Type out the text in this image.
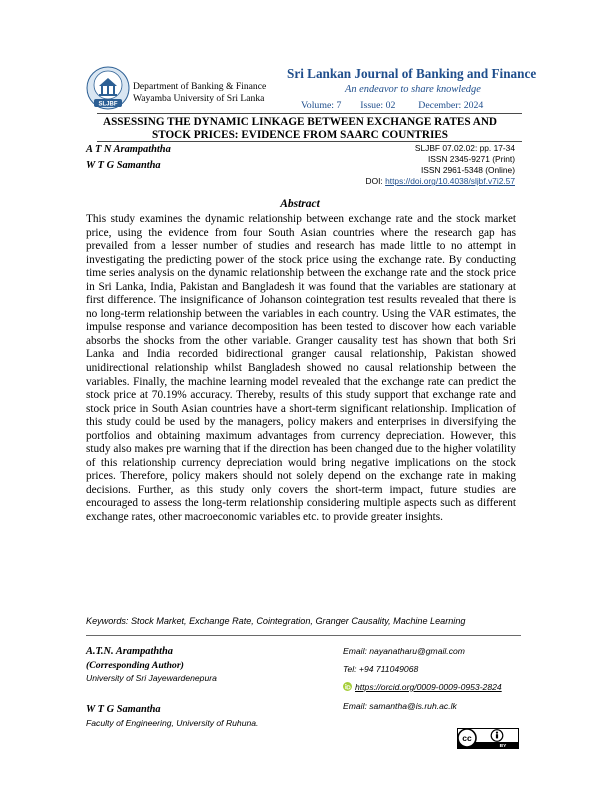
SLJBF
Department of Banking & Finance
Wayamba University of Sri Lanka
Sri Lankan Journal of Banking and Finance
An endeavor to share knowledge
Volume: 7 Issue: 02 December: 2024
ASSESSING THE DYNAMIC LINKAGE BETWEEN EXCHANGE RATES AND
STOCK PRICES: EVIDENCE FROM SAARC COUNTRIES
A T N Arampaththa
W T G Samantha
SLJBF 07.02.02: pp. 17-34
ISSN 2345-9271 (Print)
ISSN 2961-5348 (Online)
DOI: https://doi.org/10.4038/sljbf.v7i2.57
Abstract

This study examines the dynamic relationship between exchange rate and the stock market price, using the evidence from four South Asian countries where the research gap has prevailed from a lesser number of studies and research has made little to no attempt in investigating the predicting power of the stock price using the exchange rate. By conducting time series analysis on the dynamic relationship between the exchange rate and the stock price in Sri Lanka, India, Pakistan and Bangladesh it was found that the variables are stationary at first difference. The insignificance of Johanson cointegration test results revealed that there is no long-term relationship between the variables in each country. Using the VAR estimates, the impulse response and variance decomposition has been tested to discover how each variable absorbs the shocks from the other variable. Granger causality test has shown that both Sri Lanka and India recorded bidirectional granger causal relationship, Pakistan showed unidirectional relationship whilst Bangladesh showed no causal relationship between the variables. Finally, the machine learning model revealed that the exchange rate can predict the stock price at 70.19% accuracy. Thereby, results of this study support that exchange rate and stock price in South Asian countries have a short-term significant relationship. Implication of this study could be used by the managers, policy makers and enterprises in diversifying the portfolios and obtaining maximum advantages from currency depreciation. However, this study also makes pre warning that if the direction has been changed due to the higher volatility of this relationship currency depreciation would bring negative implications on the stock prices. Therefore, policy makers should not solely depend on the exchange rate in making decisions. Further, as this study only covers the short-term impact, future studies are encouraged to assess the long-term relationship considering multiple aspects such as different exchange rates, other macroeconomic variables etc. to provide greater insights.

Keywords: Stock Market, Exchange Rate, Cointegration, Granger Causality, Machine Learning
A.T.N. Arampaththa
(Corresponding Author)
University of Sri Jayewardenepura
W T G Samantha
Faculty of Engineering, University of Ruhuna.
Email: nayanatharu@gmail.com
Tel: +94 711049068
https://orcid.org/0009-0009-0953-2824
Email: samantha@is.ruh.ac.lk
cc
BY
